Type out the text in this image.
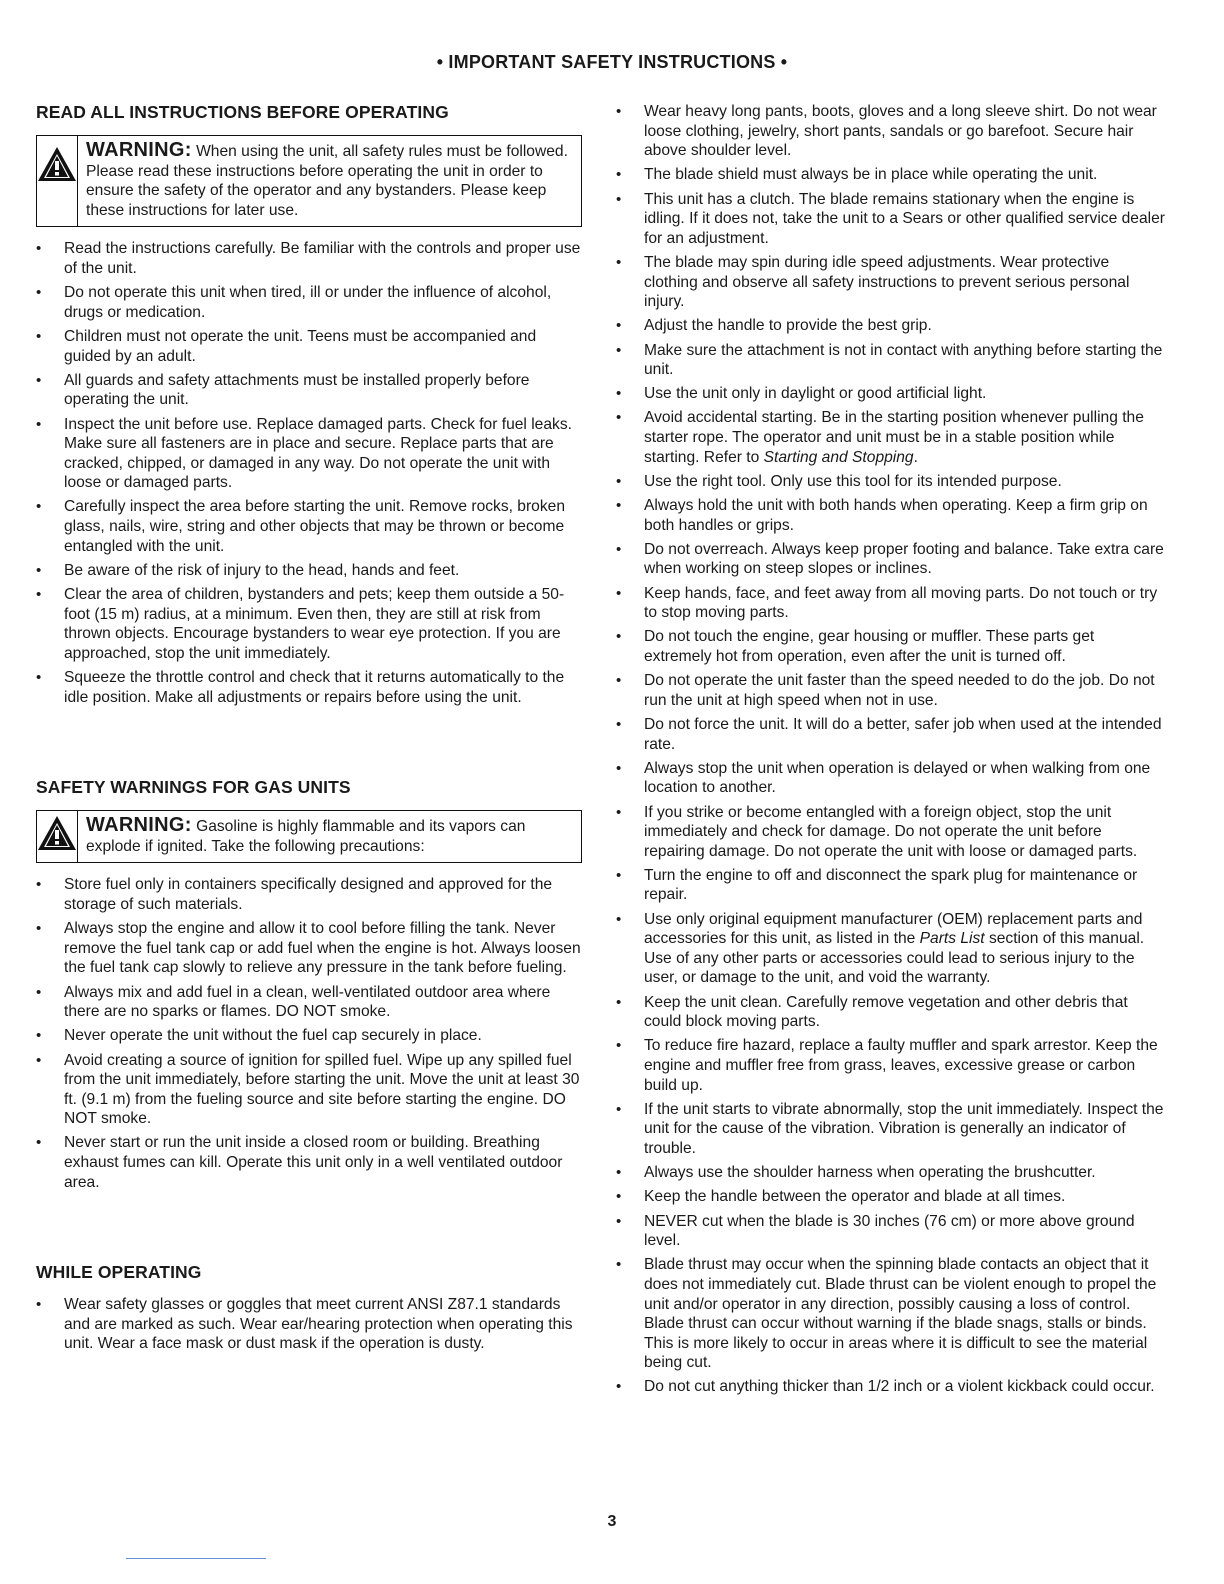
• IMPORTANT SAFETY INSTRUCTIONS •
READ ALL INSTRUCTIONS BEFORE OPERATING
WARNING: When using the unit, all safety rules must be followed. Please read these instructions before operating the unit in order to ensure the safety of the operator and any bystanders. Please keep these instructions for later use.
• Read the instructions carefully. Be familiar with the controls and proper use of the unit.
• Do not operate this unit when tired, ill or under the influence of alcohol, drugs or medication.
• Children must not operate the unit. Teens must be accompanied and guided by an adult.
• All guards and safety attachments must be installed properly before operating the unit.
• Inspect the unit before use. Replace damaged parts. Check for fuel leaks. Make sure all fasteners are in place and secure. Replace parts that are cracked, chipped, or damaged in any way. Do not operate the unit with loose or damaged parts.
• Carefully inspect the area before starting the unit. Remove rocks, broken glass, nails, wire, string and other objects that may be thrown or become entangled with the unit.
• Be aware of the risk of injury to the head, hands and feet.
• Clear the area of children, bystanders and pets; keep them outside a 50-foot (15 m) radius, at a minimum. Even then, they are still at risk from thrown objects. Encourage bystanders to wear eye protection. If you are approached, stop the unit immediately.
• Squeeze the throttle control and check that it returns automatically to the idle position. Make all adjustments or repairs before using the unit.
SAFETY WARNINGS FOR GAS UNITS
WARNING: Gasoline is highly flammable and its vapors can explode if ignited. Take the following precautions:
• Store fuel only in containers specifically designed and approved for the storage of such materials.
• Always stop the engine and allow it to cool before filling the tank. Never remove the fuel tank cap or add fuel when the engine is hot. Always loosen the fuel tank cap slowly to relieve any pressure in the tank before fueling.
• Always mix and add fuel in a clean, well-ventilated outdoor area where there are no sparks or flames. DO NOT smoke.
• Never operate the unit without the fuel cap securely in place.
• Avoid creating a source of ignition for spilled fuel. Wipe up any spilled fuel from the unit immediately, before starting the unit. Move the unit at least 30 ft. (9.1 m) from the fueling source and site before starting the engine. DO NOT smoke.
• Never start or run the unit inside a closed room or building. Breathing exhaust fumes can kill. Operate this unit only in a well ventilated outdoor area.
WHILE OPERATING
• Wear safety glasses or goggles that meet current ANSI Z87.1 standards and are marked as such. Wear ear/hearing protection when operating this unit. Wear a face mask or dust mask if the operation is dusty.
• Wear heavy long pants, boots, gloves and a long sleeve shirt. Do not wear loose clothing, jewelry, short pants, sandals or go barefoot. Secure hair above shoulder level.
• The blade shield must always be in place while operating the unit.
• This unit has a clutch. The blade remains stationary when the engine is idling. If it does not, take the unit to a Sears or other qualified service dealer for an adjustment.
• The blade may spin during idle speed adjustments. Wear protective clothing and observe all safety instructions to prevent serious personal injury.
• Adjust the handle to provide the best grip.
• Make sure the attachment is not in contact with anything before starting the unit.
• Use the unit only in daylight or good artificial light.
• Avoid accidental starting. Be in the starting position whenever pulling the starter rope. The operator and unit must be in a stable position while starting. Refer to Starting and Stopping.
• Use the right tool. Only use this tool for its intended purpose.
• Always hold the unit with both hands when operating. Keep a firm grip on both handles or grips.
• Do not overreach. Always keep proper footing and balance. Take extra care when working on steep slopes or inclines.
• Keep hands, face, and feet away from all moving parts. Do not touch or try to stop moving parts.
• Do not touch the engine, gear housing or muffler. These parts get extremely hot from operation, even after the unit is turned off.
• Do not operate the unit faster than the speed needed to do the job. Do not run the unit at high speed when not in use.
• Do not force the unit. It will do a better, safer job when used at the intended rate.
• Always stop the unit when operation is delayed or when walking from one location to another.
• If you strike or become entangled with a foreign object, stop the unit immediately and check for damage. Do not operate the unit before repairing damage. Do not operate the unit with loose or damaged parts.
• Turn the engine to off and disconnect the spark plug for maintenance or repair.
• Use only original equipment manufacturer (OEM) replacement parts and accessories for this unit, as listed in the Parts List section of this manual. Use of any other parts or accessories could lead to serious injury to the user, or damage to the unit, and void the warranty.
• Keep the unit clean. Carefully remove vegetation and other debris that could block moving parts.
• To reduce fire hazard, replace a faulty muffler and spark arrestor. Keep the engine and muffler free from grass, leaves, excessive grease or carbon build up.
• If the unit starts to vibrate abnormally, stop the unit immediately. Inspect the unit for the cause of the vibration. Vibration is generally an indicator of trouble.
• Always use the shoulder harness when operating the brushcutter.
• Keep the handle between the operator and blade at all times.
• NEVER cut when the blade is 30 inches (76 cm) or more above ground level.
• Blade thrust may occur when the spinning blade contacts an object that it does not immediately cut. Blade thrust can be violent enough to propel the unit and/or operator in any direction, possibly causing a loss of control. Blade thrust can occur without warning if the blade snags, stalls or binds. This is more likely to occur in areas where it is difficult to see the material being cut.
• Do not cut anything thicker than 1/2 inch or a violent kickback could occur.
3
